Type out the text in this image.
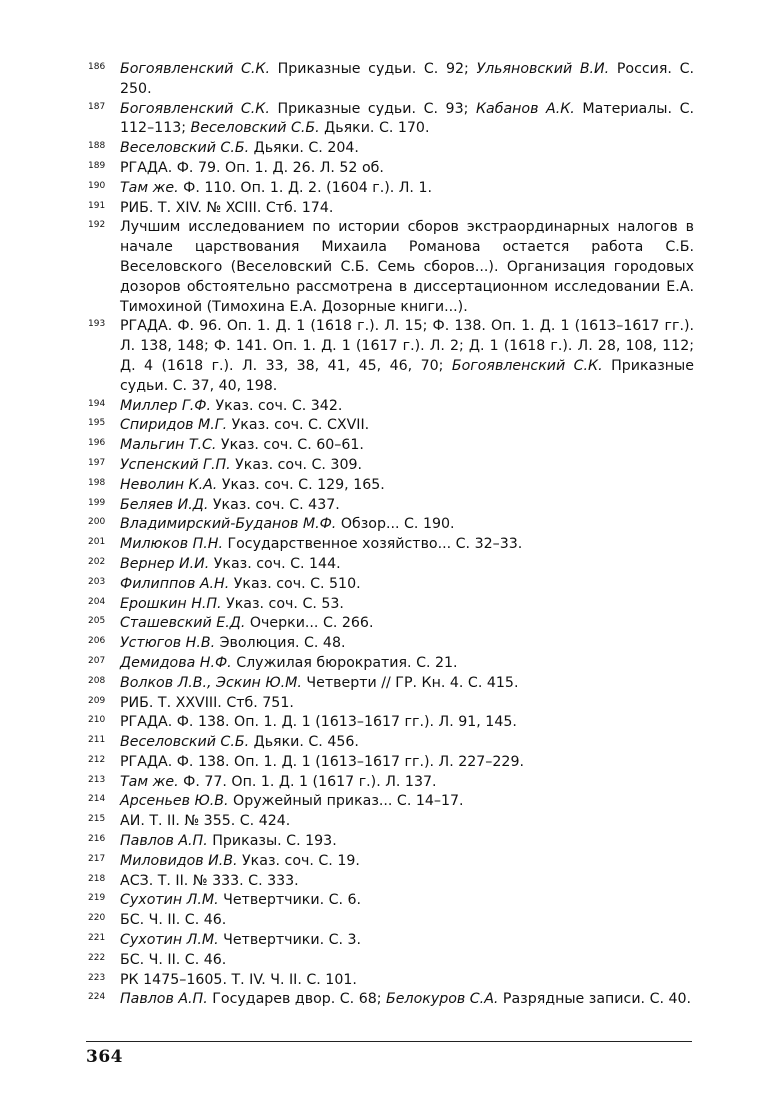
186	Богоявленский С.К. Приказные судьи. С. 92; Ульяновский В.И. Россия. С. 250.
187	Богоявленский С.К. Приказные судьи. С. 93; Кабанов А.К. Материалы. С. 112–113; Веселовский С.Б. Дьяки. С. 170.
188	Веселовский С.Б. Дьяки. С. 204.
189	РГАДА. Ф. 79. Оп. 1. Д. 26. Л. 52 об.
190	Там же. Ф. 110. Оп. 1. Д. 2. (1604 г.). Л. 1.
191	РИБ. Т. XIV. № XCIII. Стб. 174.
192	Лучшим исследованием по истории сборов экстраординарных налогов в начале царствования Михаила Романова остается работа С.Б. Веселовского (Веселовский С.Б. Семь сборов...). Организация городовых дозоров обстоятельно рассмотрена в диссертационном исследовании Е.А. Тимохиной (Тимохина Е.А. Дозорные книги...).
193	РГАДА. Ф. 96. Оп. 1. Д. 1 (1618 г.). Л. 15; Ф. 138. Оп. 1. Д. 1 (1613–1617 гг.). Л. 138, 148; Ф. 141. Оп. 1. Д. 1 (1617 г.). Л. 2; Д. 1 (1618 г.). Л. 28, 108, 112; Д. 4 (1618 г.). Л. 33, 38, 41, 45, 46, 70; Богоявленский С.К. Приказные судьи. С. 37, 40, 198.
194	Миллер Г.Ф. Указ. соч. С. 342.
195	Спиридов М.Г. Указ. соч. С. CXVII.
196	Мальгин Т.С. Указ. соч. С. 60–61.
197	Успенский Г.П. Указ. соч. С. 309.
198	Неволин К.А. Указ. соч. С. 129, 165.
199	Беляев И.Д. Указ. соч. С. 437.
200	Владимирский-Буданов М.Ф. Обзор... С. 190.
201	Милюков П.Н. Государственное хозяйство... С. 32–33.
202	Вернер И.И. Указ. соч. С. 144.
203	Филиппов А.Н. Указ. соч. С. 510.
204	Ерошкин Н.П. Указ. соч. С. 53.
205	Сташевский Е.Д. Очерки... С. 266.
206	Устюгов Н.В. Эволюция. С. 48.
207	Демидова Н.Ф. Служилая бюрократия. С. 21.
208	Волков Л.В., Эскин Ю.М. Четверти // ГР. Кн. 4. С. 415.
209	РИБ. Т. XXVIII. Стб. 751.
210	РГАДА. Ф. 138. Оп. 1. Д. 1 (1613–1617 гг.). Л. 91, 145.
211	Веселовский С.Б. Дьяки. С. 456.
212	РГАДА. Ф. 138. Оп. 1. Д. 1 (1613–1617 гг.). Л. 227–229.
213	Там же. Ф. 77. Оп. 1. Д. 1 (1617 г.). Л. 137.
214	Арсеньев Ю.В. Оружейный приказ... С. 14–17.
215	АИ. Т. II. № 355. С. 424.
216	Павлов А.П. Приказы. С. 193.
217	Миловидов И.В. Указ. соч. С. 19.
218	АСЗ. Т. II. № 333. С. 333.
219	Сухотин Л.М. Четвертчики. С. 6.
220	БС. Ч. II. С. 46.
221	Сухотин Л.М. Четвертчики. С. 3.
222	БС. Ч. II. С. 46.
223	РК 1475–1605. Т. IV. Ч. II. С. 101.
224	Павлов А.П. Государев двор. С. 68; Белокуров С.А. Разрядные записи. С. 40.
364
